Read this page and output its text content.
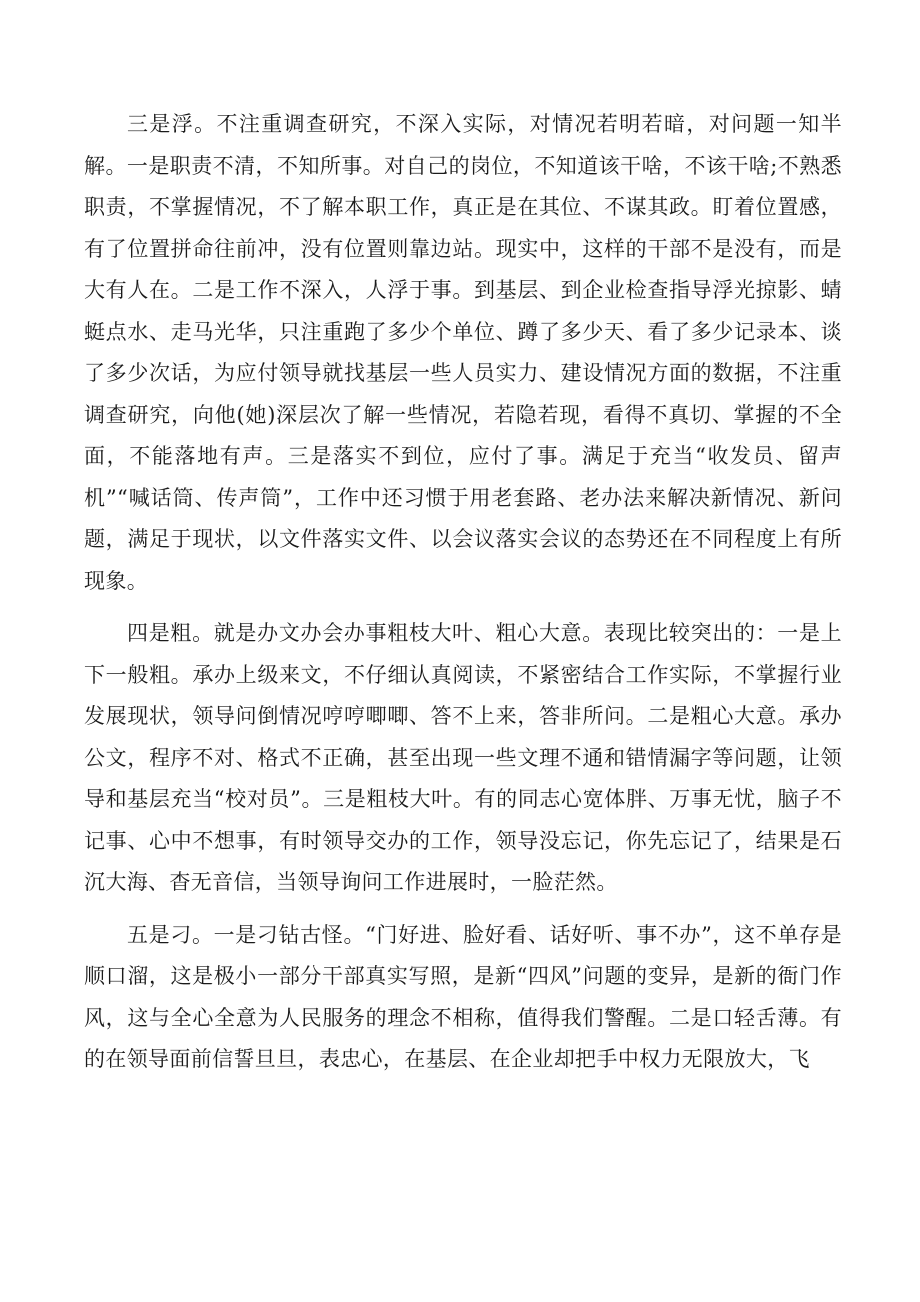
三是浮。不注重调查研究，不深入实际，对情况若明若暗，对问题一知半解。一是职责不清，不知所事。对自己的岗位，不知道该干啥，不该干啥;不熟悉职责，不掌握情况，不了解本职工作，真正是在其位、不谋其政。盯着位置感，有了位置拼命往前冲，没有位置则靠边站。现实中，这样的干部不是没有，而是大有人在。二是工作不深入，人浮于事。到基层、到企业检查指导浮光掠影、蜻蜓点水、走马光华，只注重跑了多少个单位、蹲了多少天、看了多少记录本、谈了多少次话，为应付领导就找基层一些人员实力、建设情况方面的数据，不注重调查研究，向他(她)深层次了解一些情况，若隐若现，看得不真切、掌握的不全面，不能落地有声。三是落实不到位，应付了事。满足于充当“收发员、留声机”“喊话筒、传声筒”，工作中还习惯于用老套路、老办法来解决新情况、新问题，满足于现状，以文件落实文件、以会议落实会议的态势还在不同程度上有所现象。

四是粗。就是办文办会办事粗枝大叶、粗心大意。表现比较突出的：一是上下一般粗。承办上级来文，不仔细认真阅读，不紧密结合工作实际，不掌握行业发展现状，领导问倒情况哼哼唧唧、答不上来，答非所问。二是粗心大意。承办公文，程序不对、格式不正确，甚至出现一些文理不通和错情漏字等问题，让领导和基层充当“校对员”。三是粗枝大叶。有的同志心宽体胖、万事无忧，脑子不记事、心中不想事，有时领导交办的工作，领导没忘记，你先忘记了，结果是石沉大海、杳无音信，当领导询问工作进展时，一脸茫然。

五是刁。一是刁钻古怪。“门好进、脸好看、话好听、事不办”，这不单存是顺口溜，这是极小一部分干部真实写照，是新“四风”问题的变异，是新的衙门作风，这与全心全意为人民服务的理念不相称，值得我们警醒。二是口轻舌薄。有的在领导面前信誓旦旦，表忠心，在基层、在企业却把手中权力无限放大，飞
